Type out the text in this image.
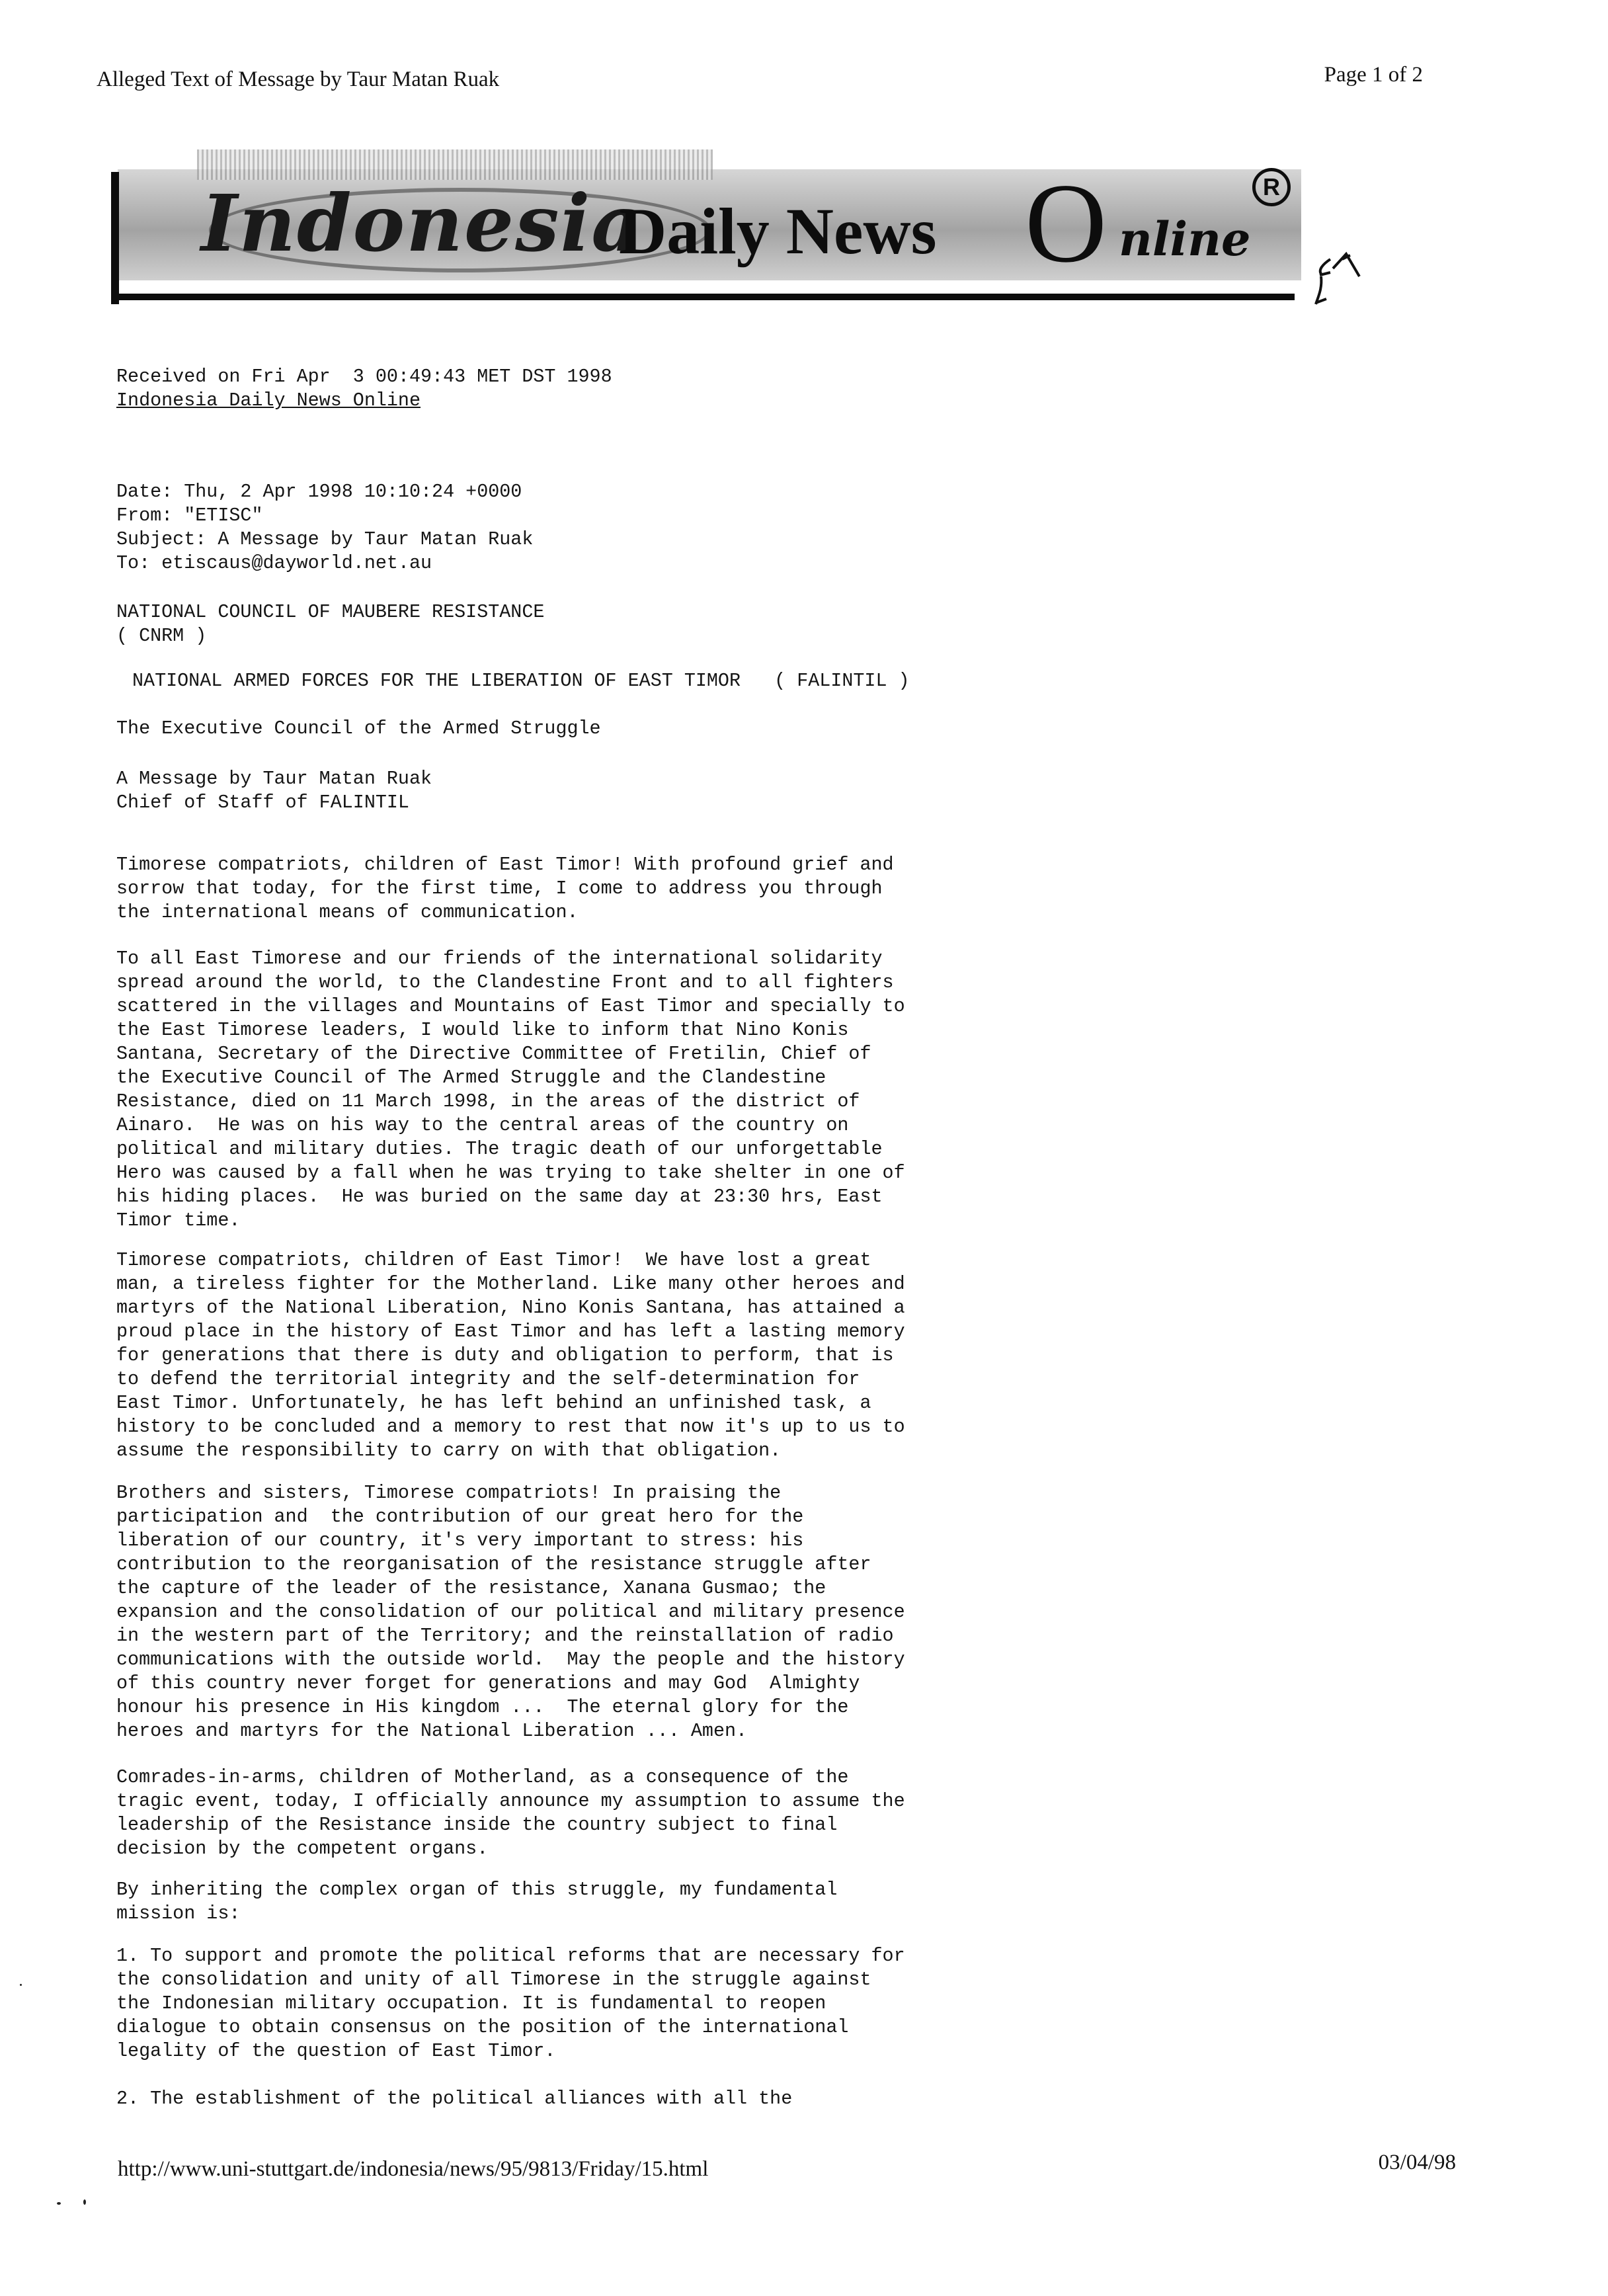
Alleged Text of Message by Taur Matan Ruak	Page 1 of 2
Indonesia
Daily News O nline
R
Received on Fri Apr  3 00:49:43 MET DST 1998
Indonesia Daily News Online
Date: Thu, 2 Apr 1998 10:10:24 +0000
From: "ETISC"
Subject: A Message by Taur Matan Ruak
To: etiscaus@dayworld.net.au
NATIONAL COUNCIL OF MAUBERE RESISTANCE
( CNRM )
NATIONAL ARMED FORCES FOR THE LIBERATION OF EAST TIMOR   ( FALINTIL )
The Executive Council of the Armed Struggle
A Message by Taur Matan Ruak
Chief of Staff of FALINTIL
Timorese compatriots, children of East Timor! With profound grief and
sorrow that today, for the first time, I come to address you through
the international means of communication.
To all East Timorese and our friends of the international solidarity
spread around the world, to the Clandestine Front and to all fighters
scattered in the villages and Mountains of East Timor and specially to
the East Timorese leaders, I would like to inform that Nino Konis
Santana, Secretary of the Directive Committee of Fretilin, Chief of
the Executive Council of The Armed Struggle and the Clandestine
Resistance, died on 11 March 1998, in the areas of the district of
Ainaro.  He was on his way to the central areas of the country on
political and military duties. The tragic death of our unforgettable
Hero was caused by a fall when he was trying to take shelter in one of
his hiding places.  He was buried on the same day at 23:30 hrs, East
Timor time.
Timorese compatriots, children of East Timor!  We have lost a great
man, a tireless fighter for the Motherland. Like many other heroes and
martyrs of the National Liberation, Nino Konis Santana, has attained a
proud place in the history of East Timor and has left a lasting memory
for generations that there is duty and obligation to perform, that is
to defend the territorial integrity and the self-determination for
East Timor. Unfortunately, he has left behind an unfinished task, a
history to be concluded and a memory to rest that now it's up to us to
assume the responsibility to carry on with that obligation.
Brothers and sisters, Timorese compatriots! In praising the
participation and  the contribution of our great hero for the
liberation of our country, it's very important to stress: his
contribution to the reorganisation of the resistance struggle after
the capture of the leader of the resistance, Xanana Gusmao; the
expansion and the consolidation of our political and military presence
in the western part of the Territory; and the reinstallation of radio
communications with the outside world.  May the people and the history
of this country never forget for generations and may God  Almighty
honour his presence in His kingdom ...  The eternal glory for the
heroes and martyrs for the National Liberation ... Amen.
Comrades-in-arms, children of Motherland, as a consequence of the
tragic event, today, I officially announce my assumption to assume the
leadership of the Resistance inside the country subject to final
decision by the competent organs.
By inheriting the complex organ of this struggle, my fundamental
mission is:
1. To support and promote the political reforms that are necessary for
the consolidation and unity of all Timorese in the struggle against
the Indonesian military occupation. It is fundamental to reopen
dialogue to obtain consensus on the position of the international
legality of the question of East Timor.
2. The establishment of the political alliances with all the
http://www.uni-stuttgart.de/indonesia/news/95/9813/Friday/15.html	03/04/98
